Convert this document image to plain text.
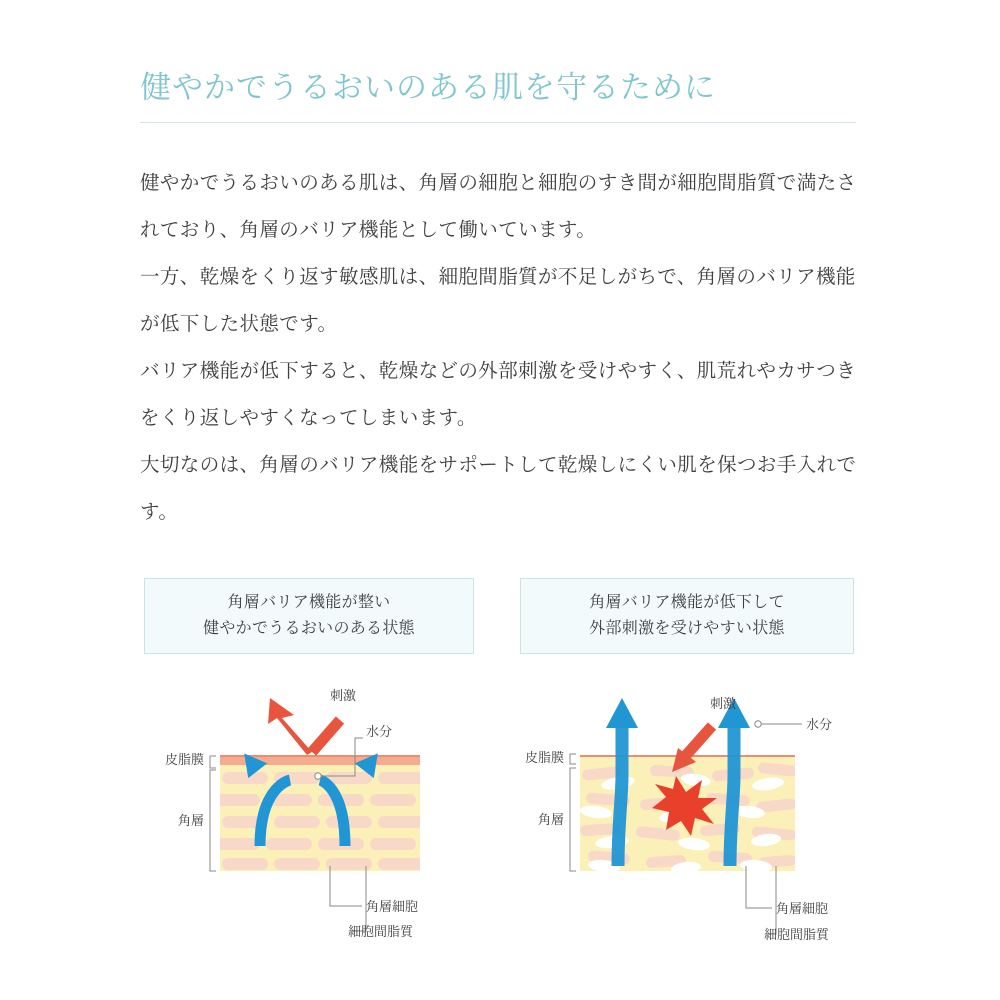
健やかでうるおいのある肌を守るために

健やかでうるおいのある肌は、角層の細胞と細胞のすき間が細胞間脂質で満たされており、角層のバリア機能として働いています。

一方、乾燥をくり返す敏感肌は、細胞間脂質が不足しがちで、角層のバリア機能が低下した状態です。

バリア機能が低下すると、乾燥などの外部刺激を受けやすく、肌荒れやカサつきをくり返しやすくなってしまいます。

大切なのは、角層のバリア機能をサポートして乾燥しにくい肌を保つお手入れです。

角層バリア機能が整い
健やかでうるおいのある状態
角層バリア機能が低下して
外部刺激を受けやすい状態
皮脂膜
角層
刺激
水分
角層細胞
細胞間脂質
皮脂膜
角層
刺激
水分
角層細胞
細胞間脂質
